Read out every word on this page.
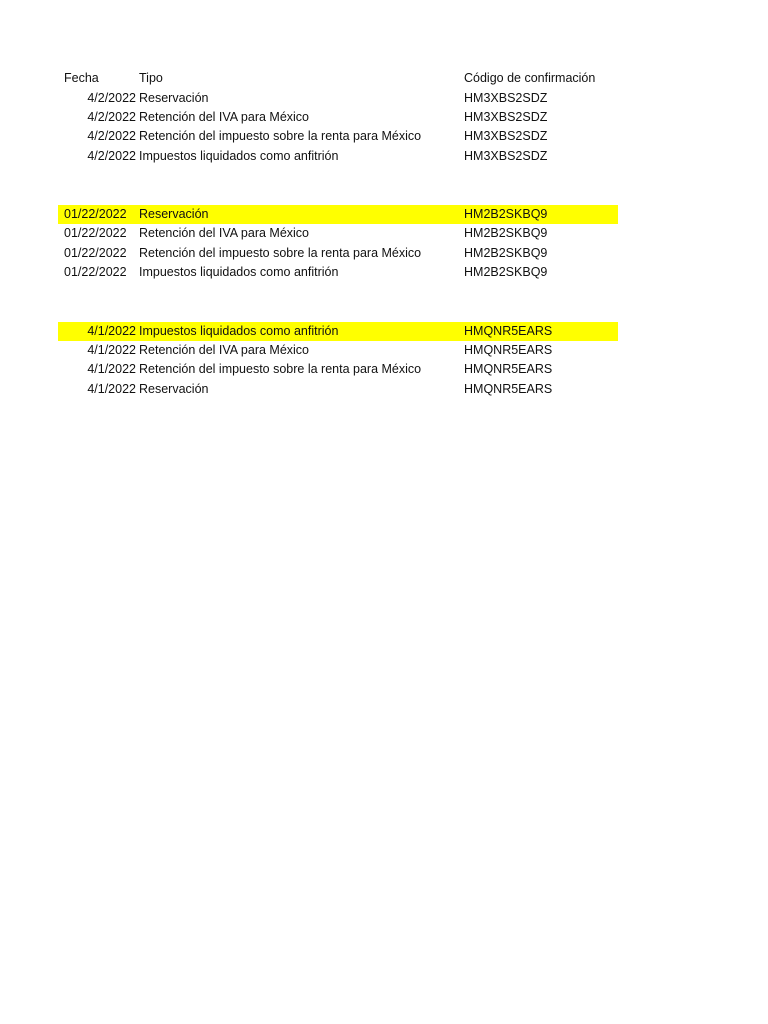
Fecha	Tipo	Código de confirmación
4/2/2022 Reservación	HM3XBS2SDZ
4/2/2022 Retención del IVA para México	HM3XBS2SDZ
4/2/2022 Retención del impuesto sobre la renta para México	HM3XBS2SDZ
4/2/2022 Impuestos liquidados como anfitrión	HM3XBS2SDZ
01/22/2022 Reservación	HM2B2SKBQ9
01/22/2022 Retención del IVA para México	HM2B2SKBQ9
01/22/2022 Retención del impuesto sobre la renta para México	HM2B2SKBQ9
01/22/2022 Impuestos liquidados como anfitrión	HM2B2SKBQ9
4/1/2022 Impuestos liquidados como anfitrión	HMQNR5EARS
4/1/2022 Retención del IVA para México	HMQNR5EARS
4/1/2022 Retención del impuesto sobre la renta para México	HMQNR5EARS
4/1/2022 Reservación	HMQNR5EARS
